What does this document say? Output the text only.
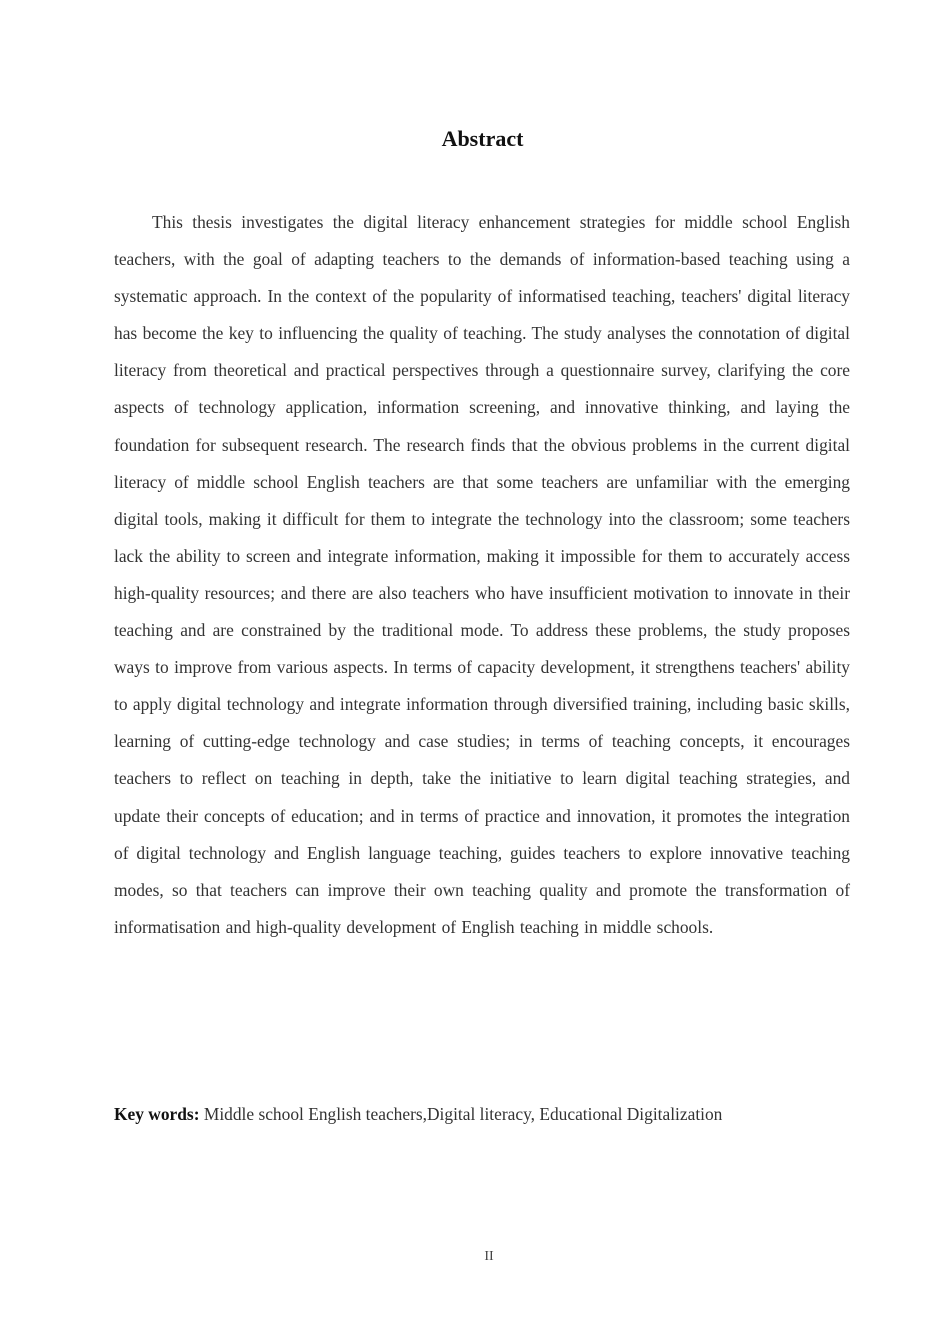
Abstract

This thesis investigates the digital literacy enhancement strategies for middle school English teachers, with the goal of adapting teachers to the demands of information-based teaching using a systematic approach. In the context of the popularity of informatised teaching, teachers' digital literacy has become the key to influencing the quality of teaching. The study analyses the connotation of digital literacy from theoretical and practical perspectives through a questionnaire survey, clarifying the core aspects of technology application, information screening, and innovative thinking, and laying the foundation for subsequent research. The research finds that the obvious problems in the current digital literacy of middle school English teachers are that some teachers are unfamiliar with the emerging digital tools, making it difficult for them to integrate the technology into the classroom; some teachers lack the ability to screen and integrate information, making it impossible for them to accurately access high-quality resources; and there are also teachers who have insufficient motivation to innovate in their teaching and are constrained by the traditional mode. To address these problems, the study proposes ways to improve from various aspects. In terms of capacity development, it strengthens teachers' ability to apply digital technology and integrate information through diversified training, including basic skills, learning of cutting-edge technology and case studies; in terms of teaching concepts, it encourages teachers to reflect on teaching in depth, take the initiative to learn digital teaching strategies, and update their concepts of education; and in terms of practice and innovation, it promotes the integration of digital technology and English language teaching, guides teachers to explore innovative teaching modes, so that teachers can improve their own teaching quality and promote the transformation of informatisation and high-quality development of English teaching in middle schools.

Key words: Middle school English teachers,Digital literacy, Educational Digitalization

II
